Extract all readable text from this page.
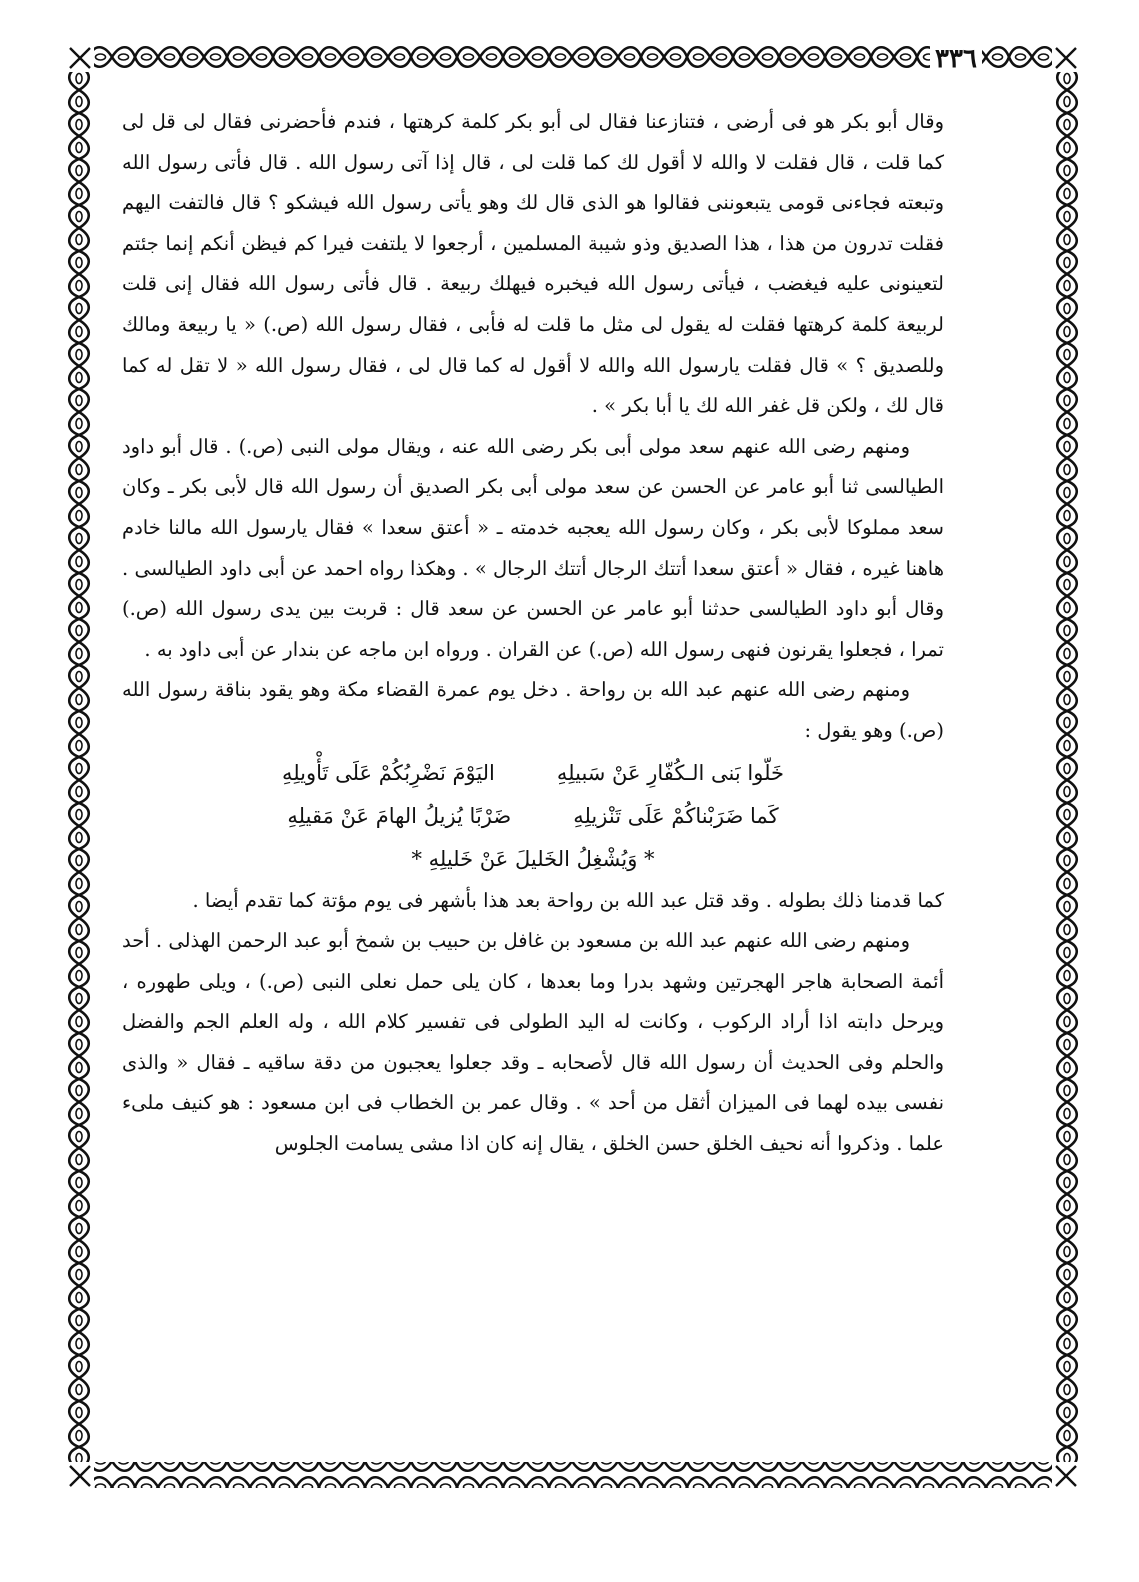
٣٣٦

وقال أبو بكر هو فى أرضى ، فتنازعنا فقال لى أبو بكر كلمة كرهتها ، فندم فأحضرنى فقال لى قل لى كما قلت ، قال فقلت لا والله لا أقول لك كما قلت لى ، قال إذا آتى رسول الله . قال فأتى رسول الله وتبعته فجاءنى قومى يتبعوننى فقالوا هو الذى قال لك وهو يأتى رسول الله فيشكو ؟ قال فالتفت اليهم فقلت تدرون من هذا ، هذا الصديق وذو شيبة المسلمين ، أرجعوا لا يلتفت فيرا كم فيظن أنكم إنما جئتم لتعينونى عليه فيغضب ، فيأتى رسول الله فيخبره فيهلك ربيعة . قال فأتى رسول الله فقال إنى قلت لربيعة كلمة كرهتها فقلت له يقول لى مثل ما قلت له فأبى ، فقال رسول الله (ص.) « يا ربيعة ومالك وللصديق ؟ » قال فقلت يارسول الله والله لا أقول له كما قال لى ، فقال رسول الله « لا تقل له كما قال لك ، ولكن قل غفر الله لك يا أبا بكر » .

ومنهم رضى الله عنهم سعد مولى أبى بكر رضى الله عنه ، ويقال مولى النبى (ص.) . قال أبو داود الطيالسى ثنا أبو عامر عن الحسن عن سعد مولى أبى بكر الصديق أن رسول الله قال لأبى بكر ـ وكان سعد مملوكا لأبى بكر ، وكان رسول الله يعجبه خدمته ـ « أعتق سعدا » فقال يارسول الله مالنا خادم هاهنا غيره ، فقال « أعتق سعدا أتتك الرجال أتتك الرجال » . وهكذا رواه احمد عن أبى داود الطيالسى . وقال أبو داود الطيالسى حدثنا أبو عامر عن الحسن عن سعد قال : قربت بين يدى رسول الله (ص.) تمرا ، فجعلوا يقرنون فنهى رسول الله (ص.) عن القران . ورواه ابن ماجه عن بندار عن أبى داود به .

ومنهم رضى الله عنهم عبد الله بن رواحة . دخل يوم عمرة القضاء مكة وهو يقود بناقة رسول الله (ص.) وهو يقول :

خَلّوا بَنى الـكُفّارِ عَنْ سَبيلِهِ
اليَوْمَ نَضْرِبُكُمْ عَلَى تَأْويلِهِ
كَما ضَرَبْناكُمْ عَلَى تَنْزيلِهِ
ضَرْبًا يُزيلُ الهامَ عَنْ مَقيلِهِ
* وَيُشْغِلُ الخَليلَ عَنْ خَليلِهِ *

كما قدمنا ذلك بطوله . وقد قتل عبد الله بن رواحة بعد هذا بأشهر فى يوم مؤتة كما تقدم أيضا .

ومنهم رضى الله عنهم عبد الله بن مسعود بن غافل بن حبيب بن شمخ أبو عبد الرحمن الهذلى . أحد أئمة الصحابة هاجر الهجرتين وشهد بدرا وما بعدها ، كان يلى حمل نعلى النبى (ص.) ، ويلى طهوره ، ويرحل دابته اذا أراد الركوب ، وكانت له اليد الطولى فى تفسير كلام الله ، وله العلم الجم والفضل والحلم وفى الحديث أن رسول الله قال لأصحابه ـ وقد جعلوا يعجبون من دقة ساقيه ـ فقال « والذى نفسى بيده لهما فى الميزان أثقل من أحد » . وقال عمر بن الخطاب فى ابن مسعود : هو كنيف ملىء علما . وذكروا أنه نحيف الخلق حسن الخلق ، يقال إنه كان اذا مشى يسامت الجلوس
